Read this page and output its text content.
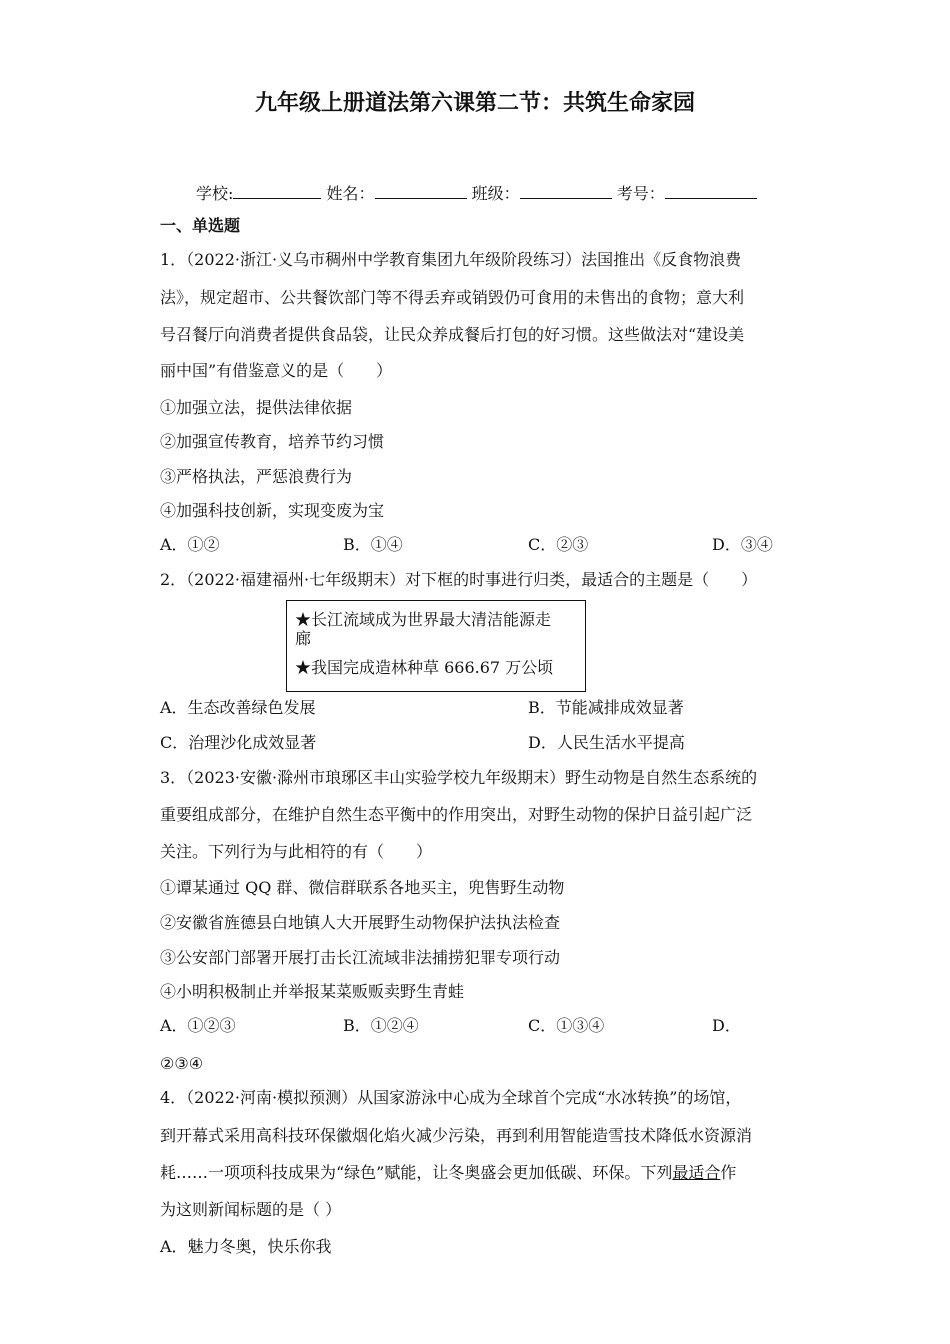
九年级上册道法第六课第二节：共筑生命家园
学校:	姓名：	班级：	考号：
一、单选题
1．（2022·浙江·义乌市稠州中学教育集团九年级阶段练习）法国推出《反食物浪费
法》，规定超市、公共餐饮部门等不得丢弃或销毁仍可食用的未售出的食物；意大利
号召餐厅向消费者提供食品袋，让民众养成餐后打包的好习惯。这些做法对“建设美
丽中国”有借鉴意义的是（　　）
①加强立法，提供法律依据
②加强宣传教育，培养节约习惯
③严格执法，严惩浪费行为
④加强科技创新，实现变废为宝
A．①②	B．①④	C．②③	D．③④
2．（2022·福建福州·七年级期末）对下框的时事进行归类，最适合的主题是（　　）
★长江流域成为世界最大清洁能源走
廊
★我国完成造林种草 666.67 万公顷
A．生态改善绿色发展	B．节能减排成效显著
C．治理沙化成效显著	D．人民生活水平提高
3．（2023·安徽·滁州市琅琊区丰山实验学校九年级期末）野生动物是自然生态系统的
重要组成部分，在维护自然生态平衡中的作用突出，对野生动物的保护日益引起广泛
关注。下列行为与此相符的有（　　）
①谭某通过 QQ 群、微信群联系各地买主，兜售野生动物
②安徽省旌德县白地镇人大开展野生动物保护法执法检查
③公安部门部署开展打击长江流域非法捕捞犯罪专项行动
④小明积极制止并举报某菜贩贩卖野生青蛙
A．①②③	B．①②④	C．①③④	D．
②③④
4．（2022·河南·模拟预测）从国家游泳中心成为全球首个完成“水冰转换”的场馆，
到开幕式采用高科技环保徽烟化焰火减少污染，再到利用智能造雪技术降低水资源消
耗……一项项科技成果为“绿色”赋能，让冬奥盛会更加低碳、环保。下列最适合作
为这则新闻标题的是（ ）
A．魅力冬奥，快乐你我
